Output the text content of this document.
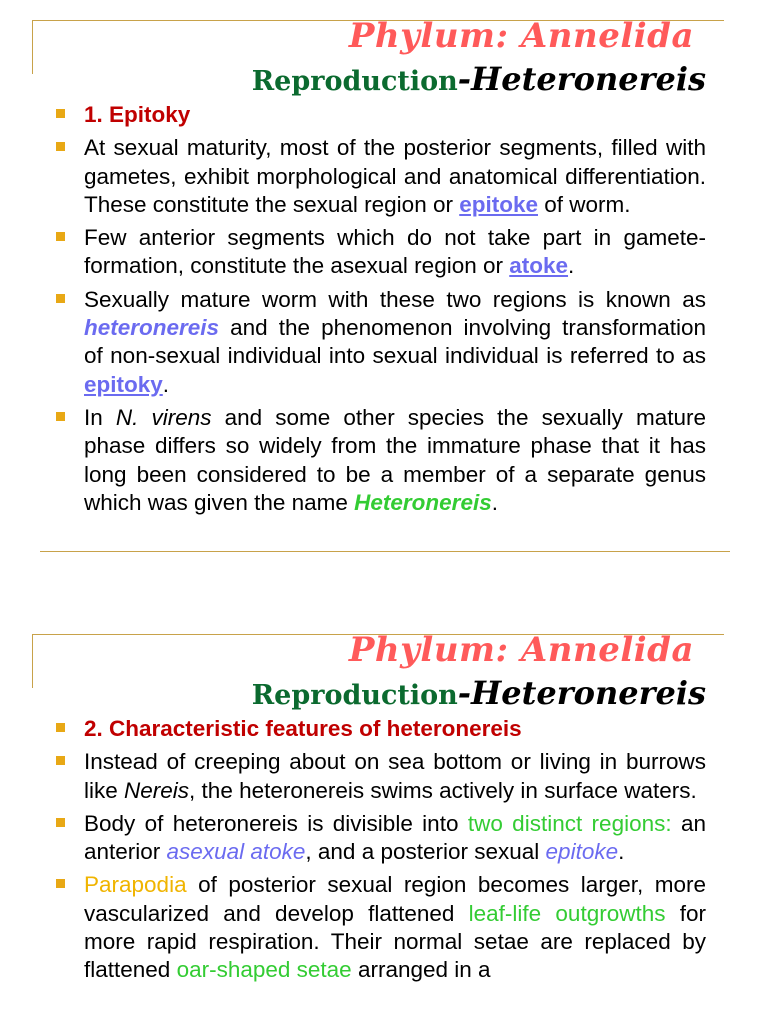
Phylum: Annelida
Reproduction-Heteronereis
1. Epitoky
At sexual maturity, most of the posterior segments, filled with gametes, exhibit morphological and anatomical differentiation. These constitute the sexual region or epitoke of worm.
Few anterior segments which do not take part in gamete-formation, constitute the asexual region or atoke.
Sexually mature worm with these two regions is known as heteronereis and the phenomenon involving transformation of non-sexual individual into sexual individual is referred to as epitoky.
In N. virens and some other species the sexually mature phase differs so widely from the immature phase that it has long been considered to be a member of a separate genus which was given the name Heteronereis.
Phylum: Annelida
Reproduction-Heteronereis
2. Characteristic features of heteronereis
Instead of creeping about on sea bottom or living in burrows like Nereis, the heteronereis swims actively in surface waters.
Body of heteronereis is divisible into two distinct regions: an anterior asexual atoke, and a posterior sexual epitoke.
Parapodia of posterior sexual region becomes larger, more vascularized and develop flattened leaf-life outgrowths for more rapid respiration. Their normal setae are replaced by flattened oar-shaped setae arranged in a
